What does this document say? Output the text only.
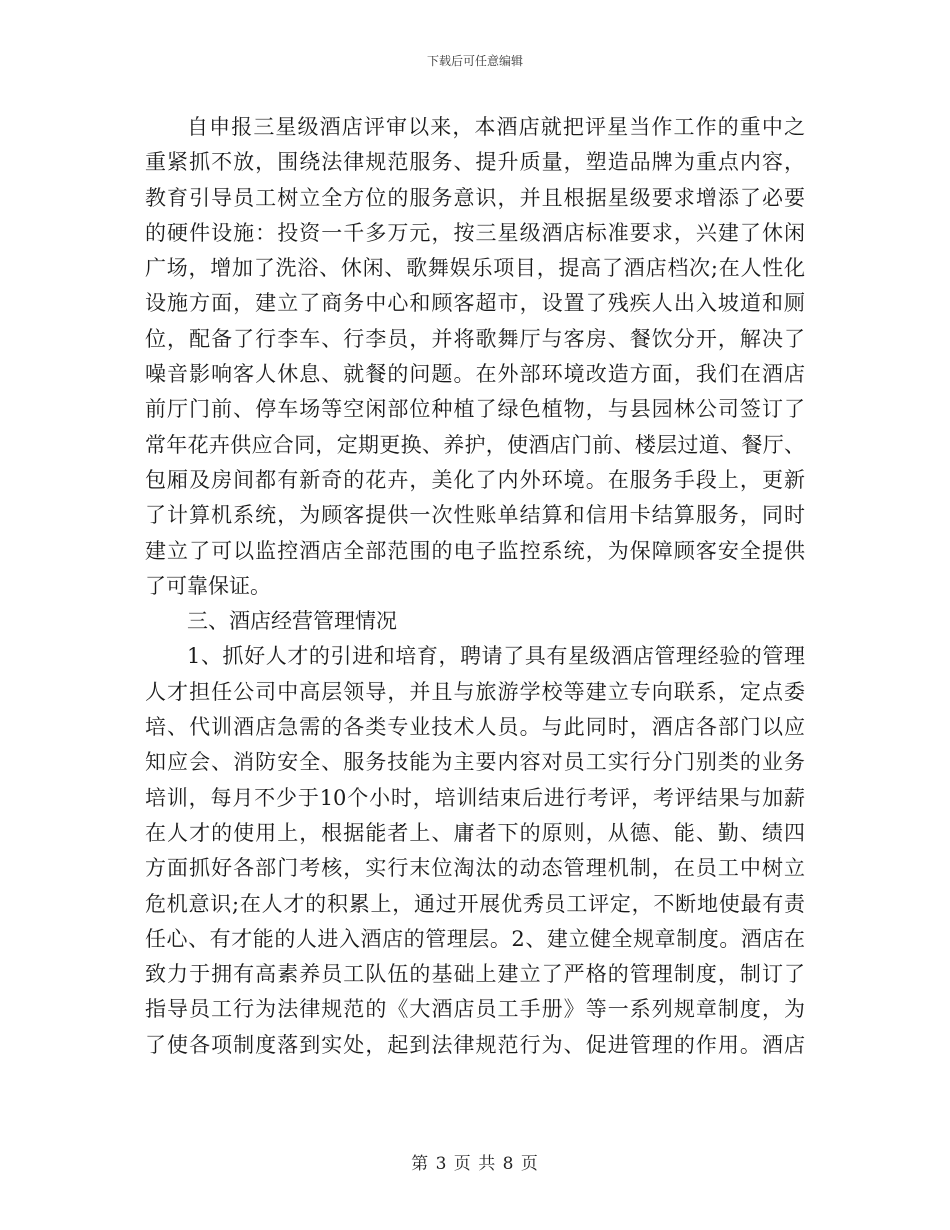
下载后可任意编辑
自申报三星级酒店评审以来，本酒店就把评星当作工作的重中之
重紧抓不放，围绕法律规范服务、提升质量，塑造品牌为重点内容，
教育引导员工树立全方位的服务意识，并且根据星级要求增添了必要
的硬件设施：投资一千多万元，按三星级酒店标准要求，兴建了休闲
广场，增加了洗浴、休闲、歌舞娱乐项目，提高了酒店档次;在人性化
设施方面，建立了商务中心和顾客超市，设置了残疾人出入坡道和厕
位，配备了行李车、行李员，并将歌舞厅与客房、餐饮分开，解决了
噪音影响客人休息、就餐的问题。在外部环境改造方面，我们在酒店
前厅门前、停车场等空闲部位种植了绿色植物，与县园林公司签订了
常年花卉供应合同，定期更换、养护，使酒店门前、楼层过道、餐厅、
包厢及房间都有新奇的花卉，美化了内外环境。在服务手段上，更新
了计算机系统，为顾客提供一次性账单结算和信用卡结算服务，同时
建立了可以监控酒店全部范围的电子监控系统，为保障顾客安全提供
了可靠保证。
三、酒店经营管理情况
1、抓好人才的引进和培育，聘请了具有星级酒店管理经验的管理
人才担任公司中高层领导，并且与旅游学校等建立专向联系，定点委
培、代训酒店急需的各类专业技术人员。与此同时，酒店各部门以应
知应会、消防安全、服务技能为主要内容对员工实行分门别类的业务
培训，每月不少于10个小时，培训结束后进行考评，考评结果与加薪
在人才的使用上，根据能者上、庸者下的原则，从德、能、勤、绩四
方面抓好各部门考核，实行末位淘汰的动态管理机制，在员工中树立
危机意识;在人才的积累上，通过开展优秀员工评定，不断地使最有责
任心、有才能的人进入酒店的管理层。2、建立健全规章制度。酒店在
致力于拥有高素养员工队伍的基础上建立了严格的管理制度，制订了
指导员工行为法律规范的《大酒店员工手册》等一系列规章制度，为
了使各项制度落到实处，起到法律规范行为、促进管理的作用。酒店
第 3 页 共 8 页
